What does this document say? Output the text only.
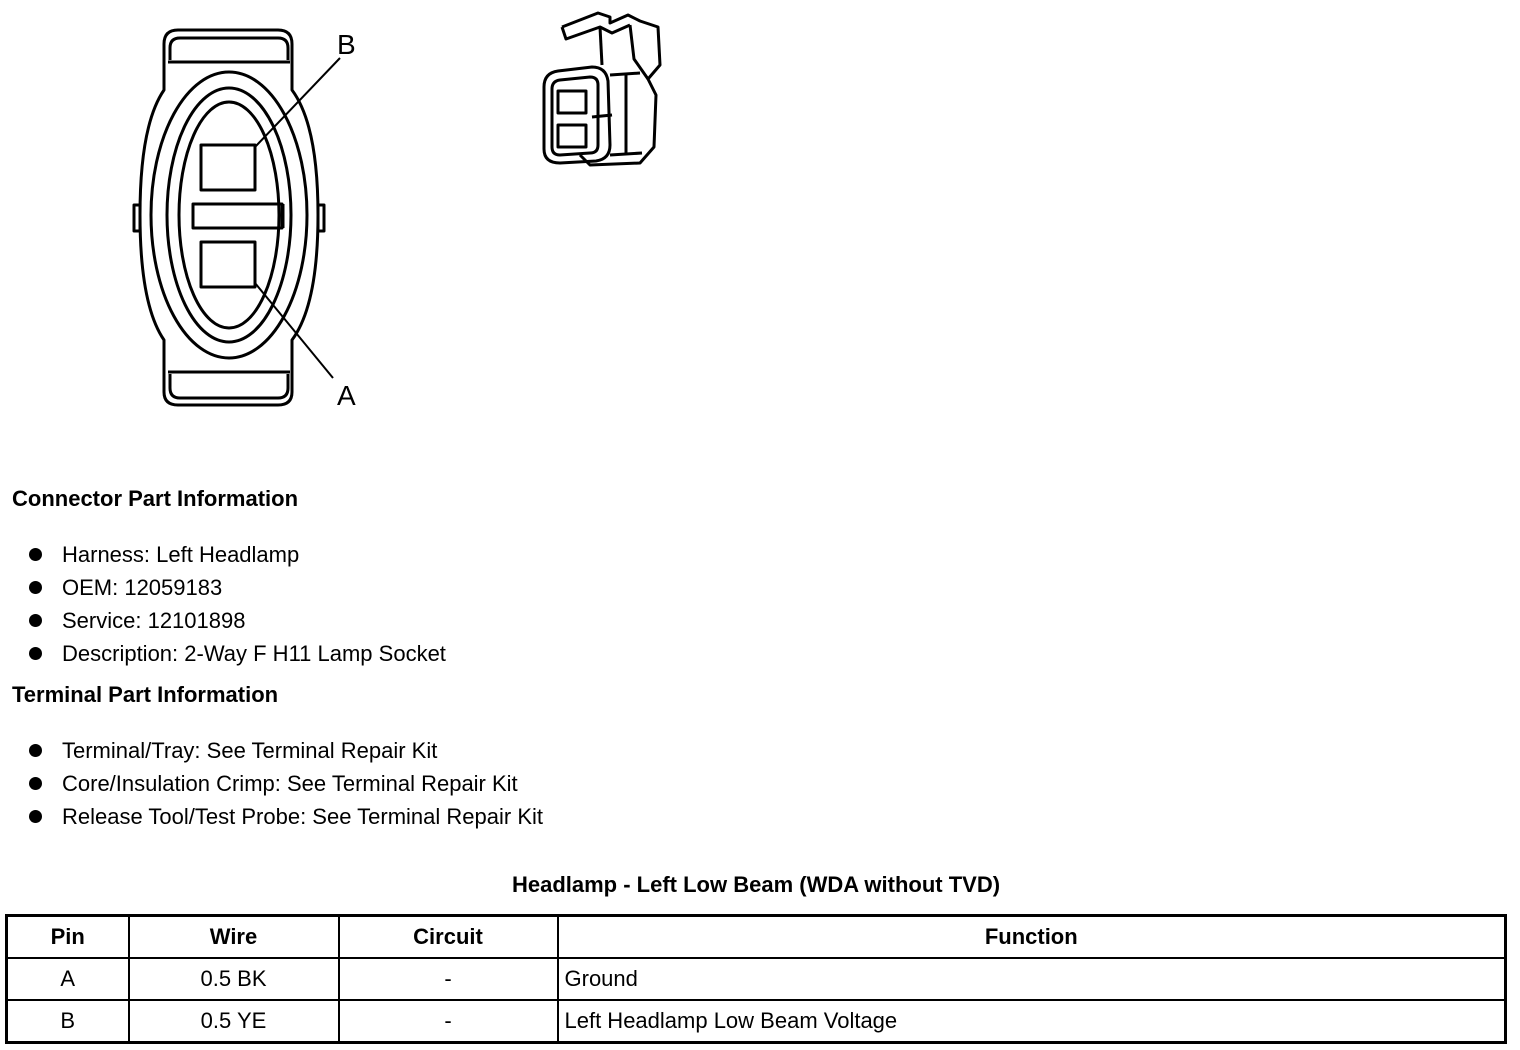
B
A
Connector Part Information
Harness: Left Headlamp
OEM: 12059183
Service: 12101898
Description: 2-Way F H11 Lamp Socket
Terminal Part Information
Terminal/Tray: See Terminal Repair Kit
Core/Insulation Crimp: See Terminal Repair Kit
Release Tool/Test Probe: See Terminal Repair Kit
Headlamp - Left Low Beam (WDA without TVD)
Pin	Wire	Circuit	Function
A	0.5 BK	-	Ground
B	0.5 YE	-	Left Headlamp Low Beam Voltage
